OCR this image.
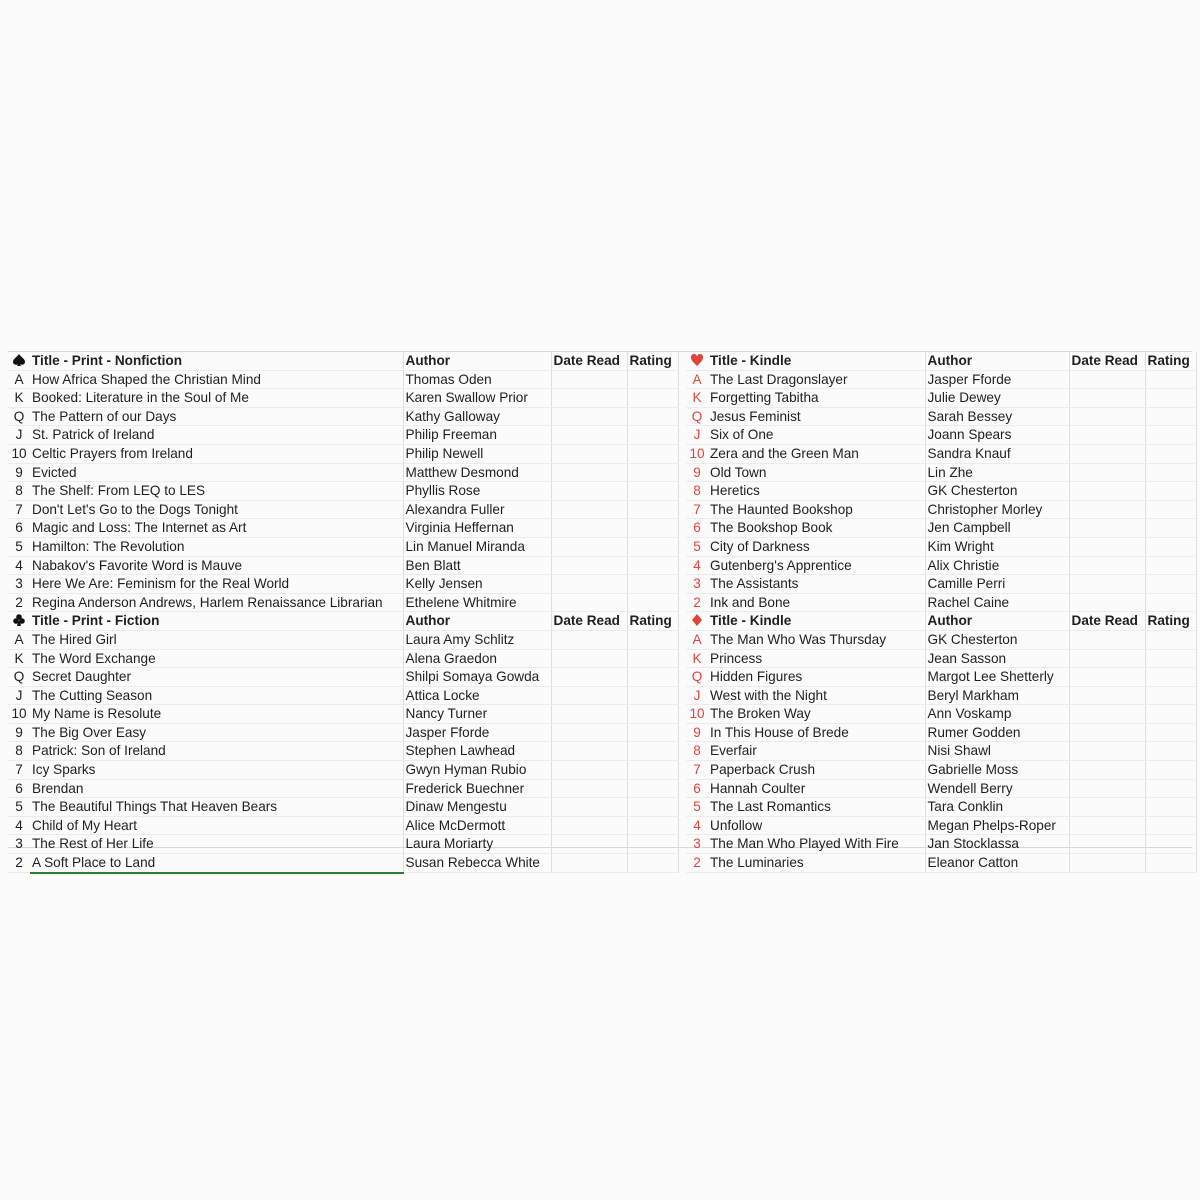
	Title - Print - Nonfiction	Author	Date Read	Rating
A	How Africa Shaped the Christian Mind	Thomas Oden		
K	Booked: Literature in the Soul of Me	Karen Swallow Prior		
Q	The Pattern of our Days	Kathy Galloway		
J	St. Patrick of Ireland	Philip Freeman		
10	Celtic Prayers from Ireland	Philip Newell		
9	Evicted	Matthew Desmond		
8	The Shelf: From LEQ to LES	Phyllis Rose		
7	Don't Let's Go to the Dogs Tonight	Alexandra Fuller		
6	Magic and Loss: The Internet as Art	Virginia Heffernan		
5	Hamilton: The Revolution	Lin Manuel Miranda		
4	Nabakov's Favorite Word is Mauve	Ben Blatt		
3	Here We Are: Feminism for the Real World	Kelly Jensen		
2	Regina Anderson Andrews, Harlem Renaissance Librarian	Ethelene Whitmire		
	Title - Print - Fiction	Author	Date Read	Rating
A	The Hired Girl	Laura Amy Schlitz		
K	The Word Exchange	Alena Graedon		
Q	Secret Daughter	Shilpi Somaya Gowda		
J	The Cutting Season	Attica Locke		
10	My Name is Resolute	Nancy Turner		
9	The Big Over Easy	Jasper Fforde		
8	Patrick: Son of Ireland	Stephen Lawhead		
7	Icy Sparks	Gwyn Hyman Rubio		
6	Brendan	Frederick Buechner		
5	The Beautiful Things That Heaven Bears	Dinaw Mengestu		
4	Child of My Heart	Alice McDermott		
3	The Rest of Her Life	Laura Moriarty		
2	A Soft Place to Land	Susan Rebecca White		
	Title - Kindle	Author	Date Read	Rating
A	The Last Dragonslayer	Jasper Fforde		
K	Forgetting Tabitha	Julie Dewey		
Q	Jesus Feminist	Sarah Bessey		
J	Six of One	Joann Spears		
10	Zera and the Green Man	Sandra Knauf		
9	Old Town	Lin Zhe		
8	Heretics	GK Chesterton		
7	The Haunted Bookshop	Christopher Morley		
6	The Bookshop Book	Jen Campbell		
5	City of Darkness	Kim Wright		
4	Gutenberg's Apprentice	Alix Christie		
3	The Assistants	Camille Perri		
2	Ink and Bone	Rachel Caine		
	Title - Kindle	Author	Date Read	Rating
A	The Man Who Was Thursday	GK Chesterton		
K	Princess	Jean Sasson		
Q	Hidden Figures	Margot Lee Shetterly		
J	West with the Night	Beryl Markham		
10	The Broken Way	Ann Voskamp		
9	In This House of Brede	Rumer Godden		
8	Everfair	Nisi Shawl		
7	Paperback Crush	Gabrielle Moss		
6	Hannah Coulter	Wendell Berry		
5	The Last Romantics	Tara Conklin		
4	Unfollow	Megan Phelps-Roper		
3	The Man Who Played With Fire	Jan Stocklassa		
2	The Luminaries	Eleanor Catton		
